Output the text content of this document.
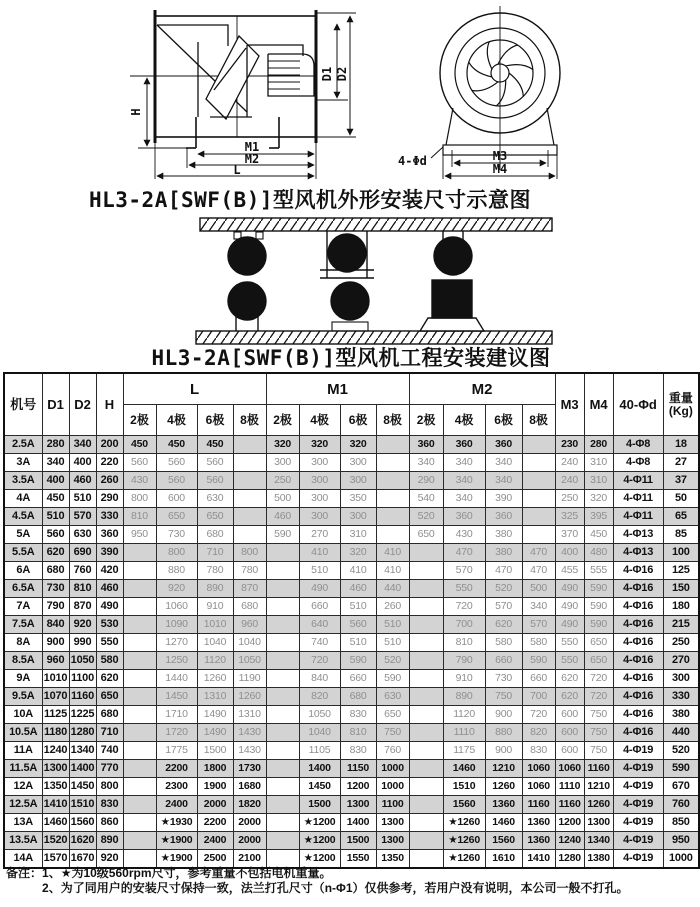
H
D1 D2
M1
M2
L
M3
M4
4-Φd
HL3-2A[SWF(B)]型风机外形安装尺寸示意图
HL3-2A[SWF(B)]型风机工程安装建议图
机号	D1	D2	H	L				M1				M2				M3	M4	40-Φd	重量
(Kg)
				2极	4极	6极	8极	2极	4极	6极	8极	2极	4极	6极	8极				
2.5A	280	340	200	450	450	450		320	320	320		360	360	360		230	280	4-Φ8	18
3A	340	400	220	560	560	560		300	300	300		340	340	340		240	310	4-Φ8	27
3.5A	400	460	260	430	560	560		250	300	300		290	340	340		240	310	4-Φ11	37
4A	450	510	290	800	600	630		500	300	350		540	340	390		250	320	4-Φ11	50
4.5A	510	570	330	810	650	650		460	300	300		520	360	360		325	395	4-Φ11	65
5A	560	630	360	950	730	680		590	270	310		650	430	380		370	450	4-Φ13	85
5.5A	620	690	390		800	710	800		410	320	410		470	380	470	400	480	4-Φ13	100
6A	680	760	420		880	780	780		510	410	410		570	470	470	455	555	4-Φ16	125
6.5A	730	810	460		920	890	870		490	460	440		550	520	500	490	590	4-Φ16	150
7A	790	870	490		1060	910	680		660	510	260		720	570	340	490	590	4-Φ16	180
7.5A	840	920	530		1090	1010	960		640	560	510		700	620	570	490	590	4-Φ16	215
8A	900	990	550		1270	1040	1040		740	510	510		810	580	580	550	650	4-Φ16	250
8.5A	960	1050	580		1250	1120	1050		720	590	520		790	660	590	550	650	4-Φ16	270
9A	1010	1100	620		1440	1260	1190		840	660	590		910	730	660	620	720	4-Φ16	300
9.5A	1070	1160	650		1450	1310	1260		820	680	630		890	750	700	620	720	4-Φ16	330
10A	1125	1225	680		1710	1490	1310		1050	830	650		1120	900	720	600	750	4-Φ16	380
10.5A	1180	1280	710		1720	1490	1430		1040	810	750		1110	880	820	600	750	4-Φ16	440
11A	1240	1340	740		1775	1500	1430		1105	830	760		1175	900	830	600	750	4-Φ19	520
11.5A	1300	1400	770		2200	1800	1730		1400	1150	1000		1460	1210	1060	1060	1160	4-Φ19	590
12A	1350	1450	800		2300	1900	1680		1450	1200	1000		1510	1260	1060	1110	1210	4-Φ19	670
12.5A	1410	1510	830		2400	2000	1820		1500	1300	1100		1560	1360	1160	1160	1260	4-Φ19	760
13A	1460	1560	860		★1930	2200	2000		★1200	1400	1300		★1260	1460	1360	1200	1300	4-Φ19	850
13.5A	1520	1620	890		★1900	2400	2000		★1200	1500	1300		★1260	1560	1360	1240	1340	4-Φ19	950
14A	1570	1670	920		★1900	2500	2100		★1200	1550	1350		★1260	1610	1410	1280	1380	4-Φ19	1000
备注： 1、★为10级560rpm尺寸，参考重量不包括电机重量。
2、为了同用户的安装尺寸保持一致，法兰打孔尺寸（n-Φ1）仅供参考，若用户没有说明，本公司一般不打孔。
